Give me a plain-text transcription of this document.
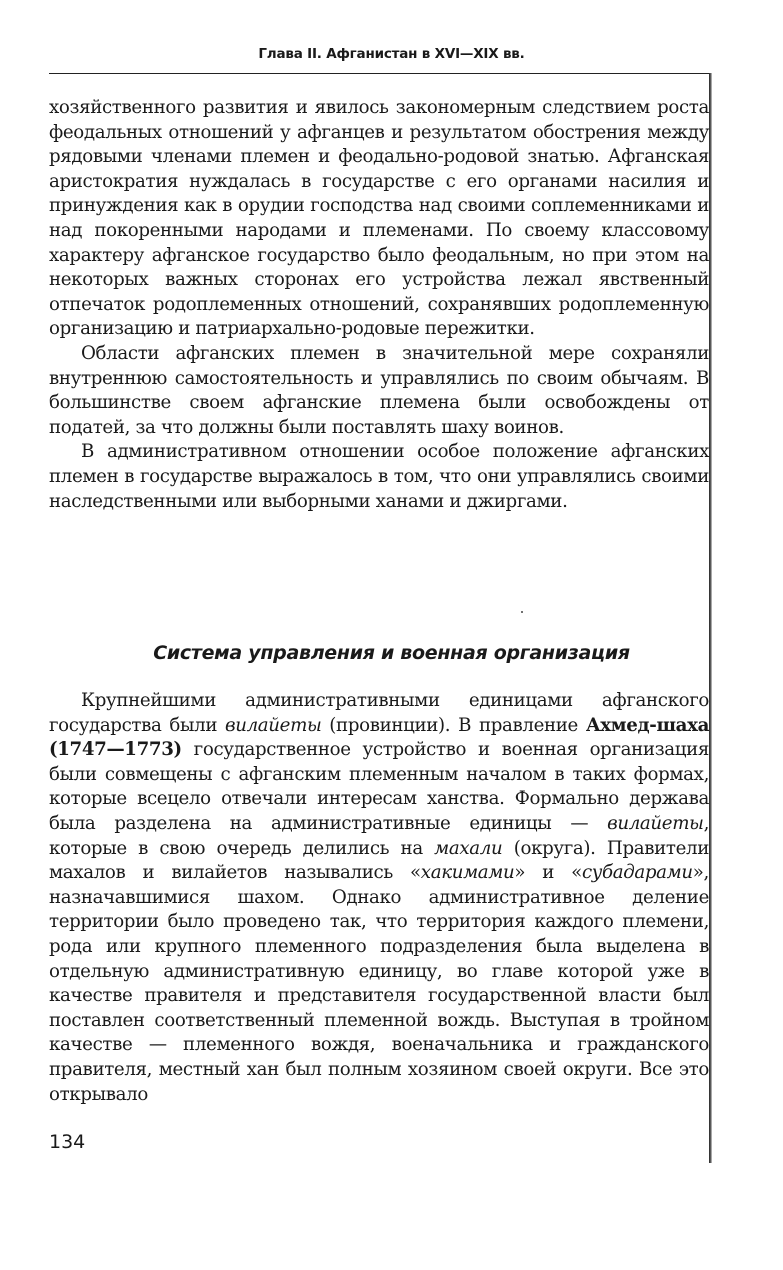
Глава II. Афганистан в XVI—XIX вв.

хозяйственного развития и явилось закономерным следствием роста феодальных отношений у афганцев и результатом обострения между рядовыми членами племен и феодально-родовой знатью. Афганская аристократия нуждалась в государстве с его органами насилия и принуждения как в орудии господства над своими соплеменниками и над покоренными народами и племенами. По своему классовому характеру афганское государство было феодальным, но при этом на некоторых важных сторонах его устройства лежал явственный отпечаток родоплеменных отношений, сохранявших родоплеменную организацию и патриархально-родовые пережитки.

Области афганских племен в значительной мере сохраняли внутреннюю самостоятельность и управлялись по своим обычаям. В большинстве своем афганские племена были освобождены от податей, за что должны были поставлять шаху воинов.

В административном отношении особое положение афганских племен в государстве выражалось в том, что они управлялись своими наследственными или выборными ханами и джиргами.

Система управления и военная организация

Крупнейшими административными единицами афганского государства были вилайеты (провинции). В правление Ахмед-шаха (1747—1773) государственное устройство и военная организация были совмещены с афганским племенным началом в таких формах, которые всецело отвечали интересам ханства. Формально держава была разделена на административные единицы — вилайеты, которые в свою очередь делились на махали (округа). Правители махалов и вилайетов назывались «хакимами» и «субадарами», назначавшимися шахом. Однако административное деление территории было проведено так, что территория каждого племени, рода или крупного племенного подразделения была выделена в отдельную административную единицу, во главе которой уже в качестве правителя и представителя государственной власти был поставлен соответственный племенной вождь. Выступая в тройном качестве — племенного вождя, военачальника и гражданского правителя, местный хан был полным хозяином своей округи. Все это открывало

134
